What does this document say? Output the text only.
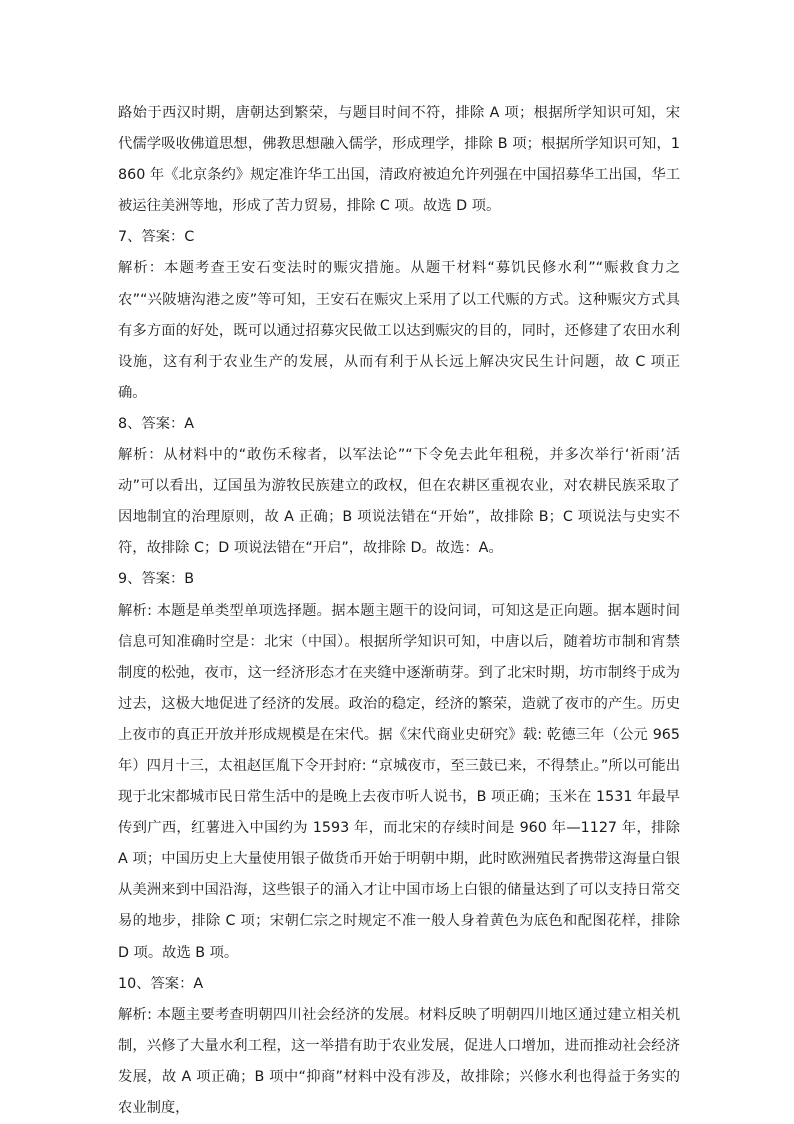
路始于西汉时期，唐朝达到繁荣，与题目时间不符，排除 A 项；根据所学知识可知，宋代儒学吸收佛道思想，佛教思想融入儒学，形成理学，排除 B 项；根据所学知识可知，1860 年《北京条约》规定准许华工出国，清政府被迫允许列强在中国招募华工出国，华工被运往美洲等地，形成了苦力贸易，排除 C 项。故选 D 项。

7、答案：C

解析：本题考查王安石变法时的赈灾措施。从题干材料“募饥民修水利”“赈救食力之农”“兴陂塘沟港之废”等可知，王安石在赈灾上采用了以工代赈的方式。这种赈灾方式具有多方面的好处，既可以通过招募灾民做工以达到赈灾的目的，同时，还修建了农田水利设施，这有利于农业生产的发展，从而有利于从长远上解决灾民生计问题，故 C 项正确。

8、答案：A

解析：从材料中的“敢伤禾稼者，以军法论”“下令免去此年租税，并多次举行‘祈雨’活动”可以看出，辽国虽为游牧民族建立的政权，但在农耕区重视农业，对农耕民族采取了因地制宜的治理原则，故 A 正确；B 项说法错在“开始”，故排除 B；C 项说法与史实不符，故排除 C；D 项说法错在“开启”，故排除 D。故选：A。

9、答案：B

解析: 本题是单类型单项选择题。据本题主题干的设问词，可知这是正向题。据本题时间信息可知准确时空是：北宋（中国）。根据所学知识可知，中唐以后，随着坊市制和宵禁制度的松弛，夜市，这一经济形态才在夹缝中逐渐萌芽。到了北宋时期，坊市制终于成为过去，这极大地促进了经济的发展。政治的稳定，经济的繁荣，造就了夜市的产生。历史上夜市的真正开放并形成规模是在宋代。据《宋代商业史研究》载: 乾德三年（公元 965 年）四月十三，太祖赵匡胤下令开封府: “京城夜市，至三鼓已来，不得禁止。”所以可能出现于北宋都城市民日常生活中的是晚上去夜市听人说书，B 项正确；玉米在 1531 年最早传到广西，红薯进入中国约为 1593 年，而北宋的存续时间是 960 年—1127 年，排除 A 项；中国历史上大量使用银子做货币开始于明朝中期，此时欧洲殖民者携带这海量白银从美洲来到中国沿海，这些银子的涌入才让中国市场上白银的储量达到了可以支持日常交易的地步，排除 C 项；宋朝仁宗之时规定不准一般人身着黄色为底色和配图花样，排除 D 项。故选 B 项。

10、答案：A

解析: 本题主要考查明朝四川社会经济的发展。材料反映了明朝四川地区通过建立相关机制，兴修了大量水利工程，这一举措有助于农业发展，促进人口增加，进而推动社会经济发展，故 A 项正确；B 项中“抑商”材料中没有涉及，故排除；兴修水利也得益于务实的农业制度，
